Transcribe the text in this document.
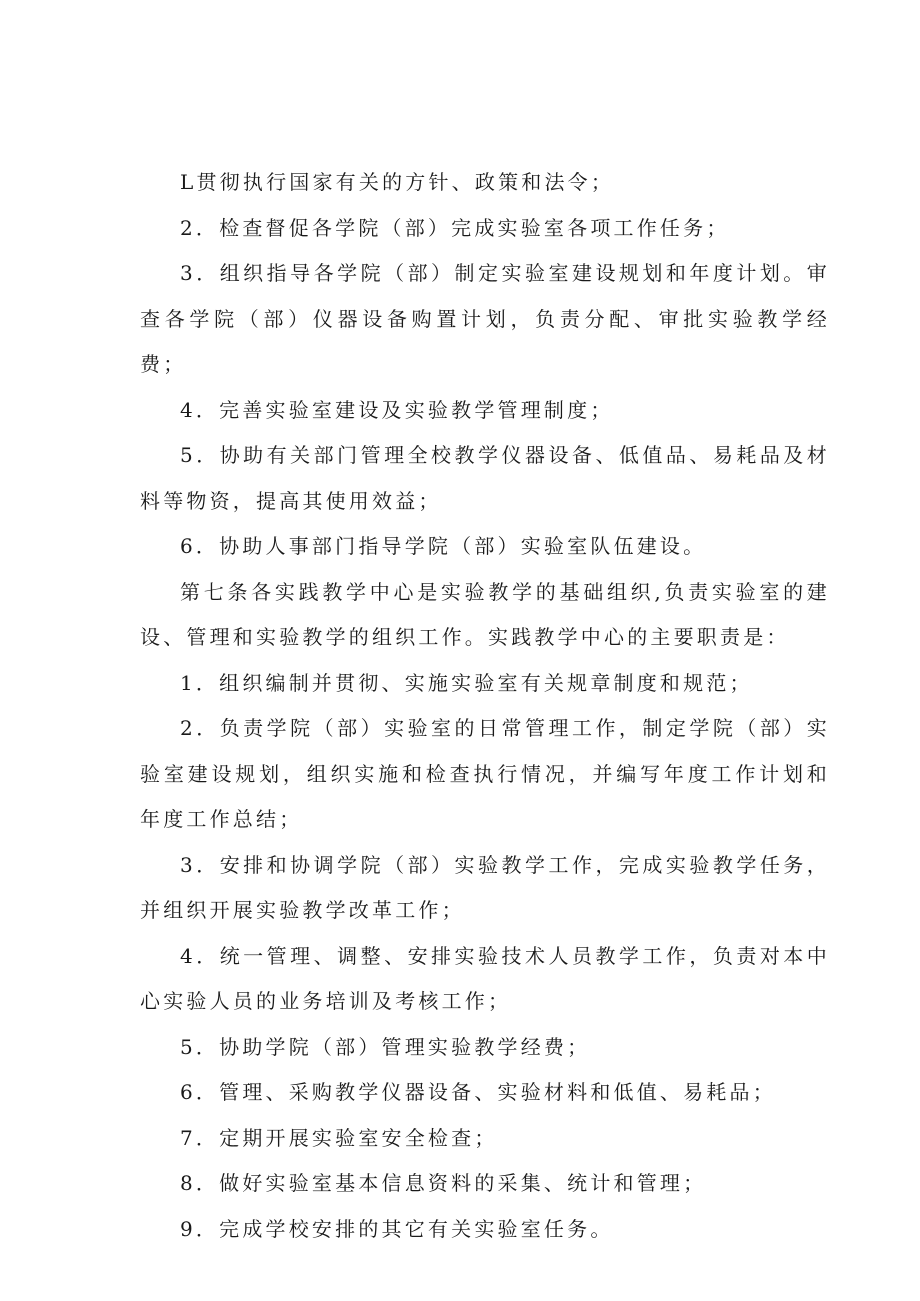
L贯彻执行国家有关的方针、政策和法令；

2．检查督促各学院（部）完成实验室各项工作任务；

3．组织指导各学院（部）制定实验室建设规划和年度计划。审查各学院（部）仪器设备购置计划，负责分配、审批实验教学经费；

4．完善实验室建设及实验教学管理制度；

5．协助有关部门管理全校教学仪器设备、低值品、易耗品及材料等物资，提高其使用效益；

6．协助人事部门指导学院（部）实验室队伍建设。

第七条各实践教学中心是实验教学的基础组织,负责实验室的建设、管理和实验教学的组织工作。实践教学中心的主要职责是：

1．组织编制并贯彻、实施实验室有关规章制度和规范；

2．负责学院（部）实验室的日常管理工作，制定学院（部）实验室建设规划，组织实施和检查执行情况，并编写年度工作计划和年度工作总结；

3．安排和协调学院（部）实验教学工作，完成实验教学任务，并组织开展实验教学改革工作；

4．统一管理、调整、安排实验技术人员教学工作，负责对本中心实验人员的业务培训及考核工作；

5．协助学院（部）管理实验教学经费；

6．管理、采购教学仪器设备、实验材料和低值、易耗品；

7．定期开展实验室安全检查；

8．做好实验室基本信息资料的采集、统计和管理；

9．完成学校安排的其它有关实验室任务。
